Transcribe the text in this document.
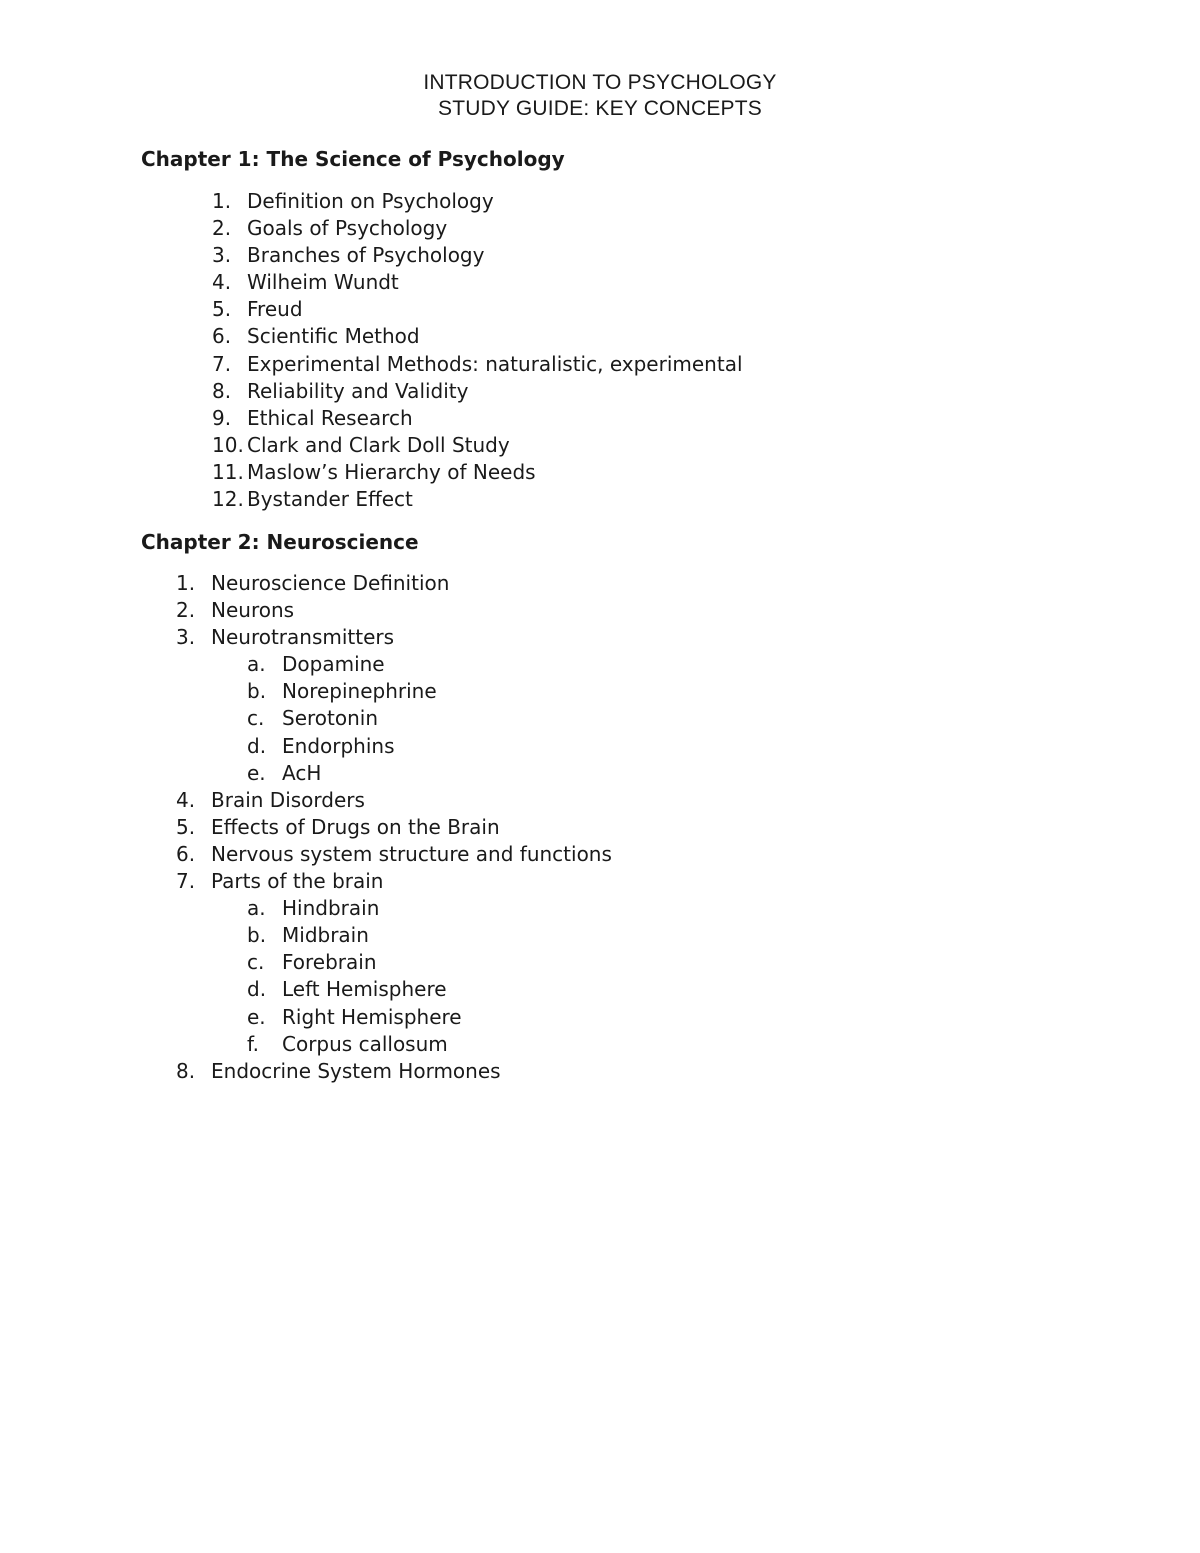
INTRODUCTION TO PSYCHOLOGY
STUDY GUIDE: KEY CONCEPTS
Chapter 1: The Science of Psychology
1. Definition on Psychology
2. Goals of Psychology
3. Branches of Psychology
4. Wilheim Wundt
5. Freud
6. Scientific Method
7. Experimental Methods: naturalistic, experimental
8. Reliability and Validity
9. Ethical Research
10. Clark and Clark Doll Study
11. Maslow’s Hierarchy of Needs
12. Bystander Effect
Chapter 2: Neuroscience
1. Neuroscience Definition
2. Neurons
3. Neurotransmitters
a. Dopamine
b. Norepinephrine
c. Serotonin
d. Endorphins
e. AcH
4. Brain Disorders
5. Effects of Drugs on the Brain
6. Nervous system structure and functions
7. Parts of the brain
a. Hindbrain
b. Midbrain
c. Forebrain
d. Left Hemisphere
e. Right Hemisphere
f. Corpus callosum
8. Endocrine System Hormones
